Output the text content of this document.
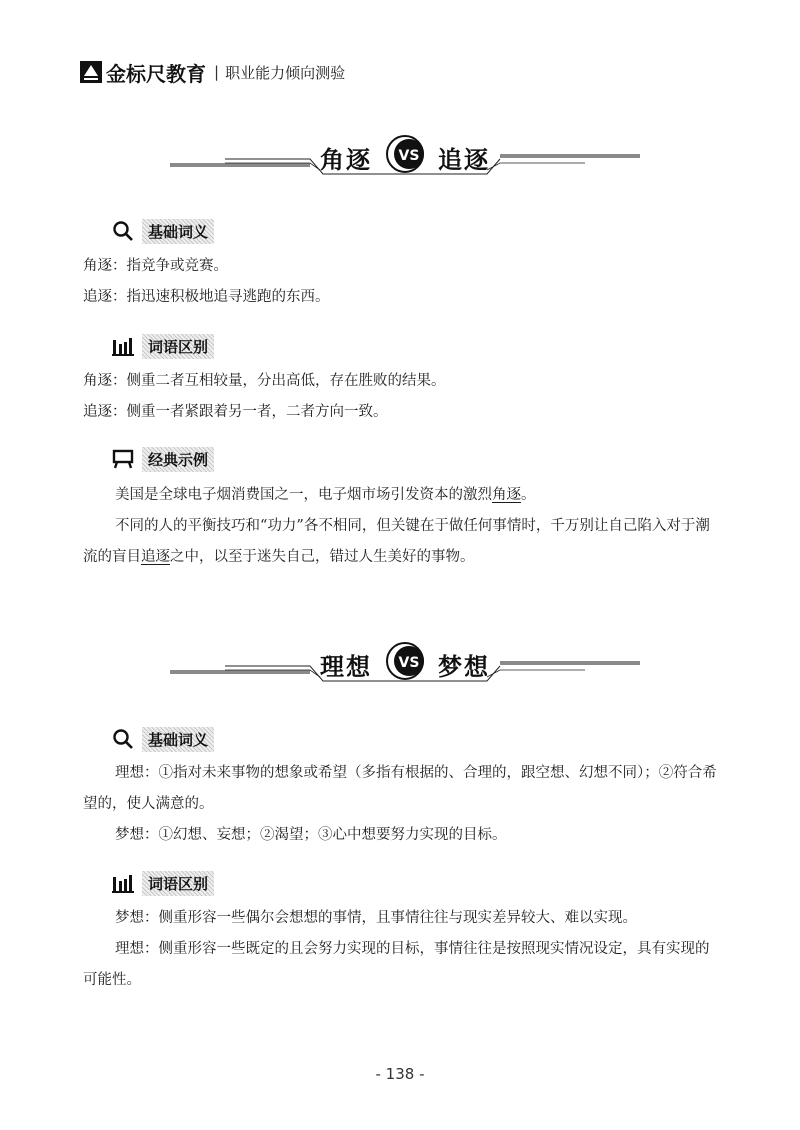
金标尺教育 | 职业能力倾向测验
VS
角逐	追逐
基础词义
角逐：指竞争或竞赛。
追逐：指迅速积极地追寻逃跑的东西。
词语区别
角逐：侧重二者互相较量，分出高低，存在胜败的结果。
追逐：侧重一者紧跟着另一者，二者方向一致。
经典示例
美国是全球电子烟消费国之一，电子烟市场引发资本的激烈角逐。
不同的人的平衡技巧和“功力”各不相同，但关键在于做任何事情时，千万别让自己陷入对于潮流的盲目追逐之中，以至于迷失自己，错过人生美好的事物。
VS
理想	梦想
基础词义
理想：①指对未来事物的想象或希望（多指有根据的、合理的，跟空想、幻想不同）；②符合希望的，使人满意的。
梦想：①幻想、妄想；②渴望；③心中想要努力实现的目标。
词语区别
梦想：侧重形容一些偶尔会想想的事情，且事情往往与现实差异较大、难以实现。
理想：侧重形容一些既定的且会努力实现的目标，事情往往是按照现实情况设定，具有实现的可能性。
- 138 -
